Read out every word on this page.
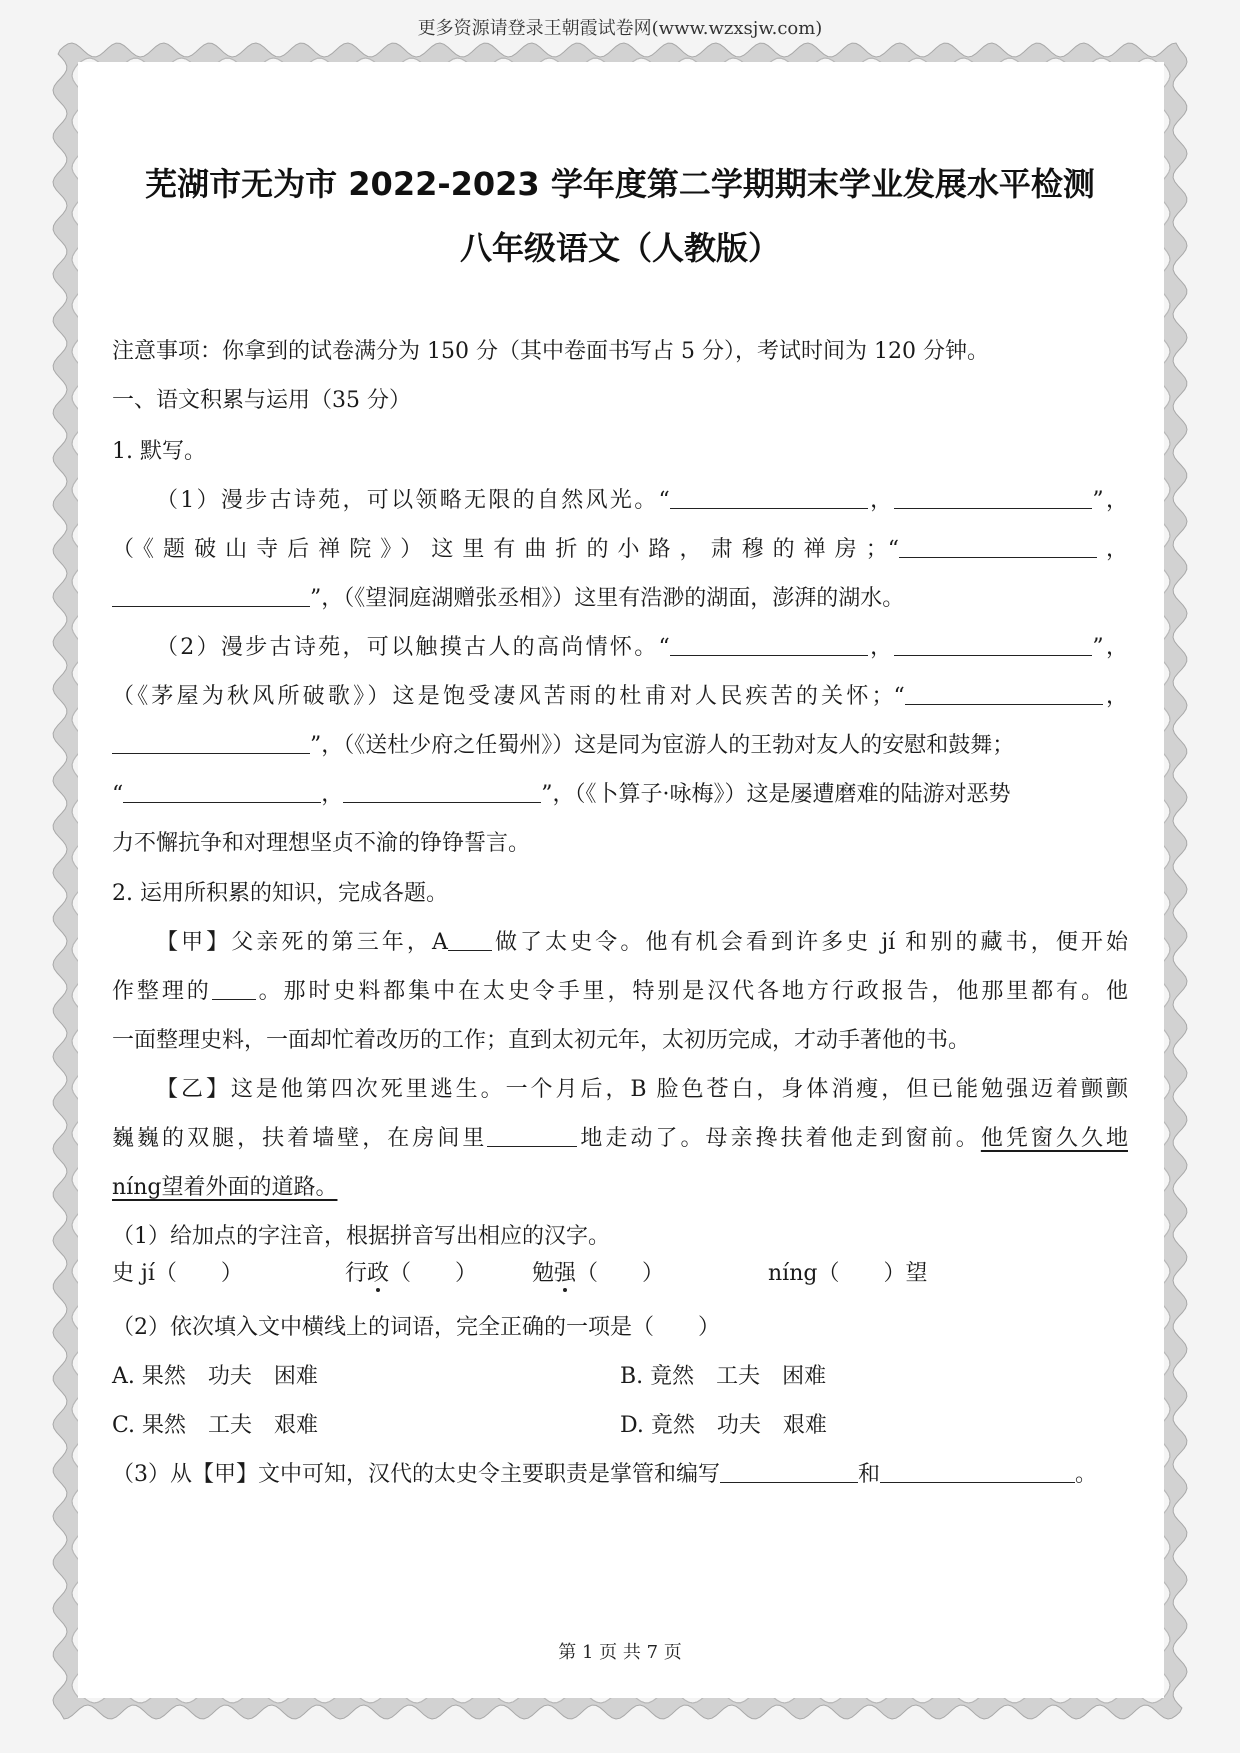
更多资源请登录王朝霞试卷网(www.wzxsjw.com)
芜湖市无为市 2022-2023 学年度第二学期期末学业发展水平检测
八年级语文（人教版）
注意事项：你拿到的试卷满分为 150 分（其中卷面书写占 5 分），考试时间为 120 分钟。
一、语文积累与运用（35 分）
1. 默写。
（1）漫步古诗苑，可以领略无限的自然风光。“	，	”，
（《题破山寺后禅院》）这里有曲折的小路，肃穆的禅房；“	，
”，（《望洞庭湖赠张丞相》）这里有浩渺的湖面，澎湃的湖水。
（2）漫步古诗苑，可以触摸古人的高尚情怀。“	，	”，
（《茅屋为秋风所破歌》）这是饱受凄风苦雨的杜甫对人民疾苦的关怀；“	，
”，（《送杜少府之任蜀州》）这是同为宦游人的王勃对友人的安慰和鼓舞；
“	，	”，（《卜算子·咏梅》）这是屡遭磨难的陆游对恶势
力不懈抗争和对理想坚贞不渝的铮铮誓言。
2. 运用所积累的知识，完成各题。
【甲】父亲死的第三年，A 做了太史令。他有机会看到许多史 jí 和别的藏书，便开始
作整理的 。那时史料都集中在太史令手里，特别是汉代各地方行政报告，他那里都有。他
一面整理史料，一面却忙着改历的工作；直到太初元年，太初历完成，才动手著他的书。
【乙】这是他第四次死里逃生。一个月后，B 脸色苍白，身体消瘦，但已能勉强迈着颤颤
巍巍的双腿，扶着墙壁，在房间里	地走动了。母亲搀扶着他走到窗前。他凭窗久久地
níng望着外面的道路。
（1）给加点的字注音，根据拼音写出相应的汉字。
史 jí（　　）	行政（　　） 勉强（　　）	níng（　　）望
（2）依次填入文中横线上的词语，完全正确的一项是（　　）
A. 果然　功夫　困难	B. 竟然　工夫　困难
C. 果然　工夫　艰难	D. 竟然　功夫　艰难
（3）从【甲】文中可知，汉代的太史令主要职责是掌管和编写	和	。
第 1 页 共 7 页
